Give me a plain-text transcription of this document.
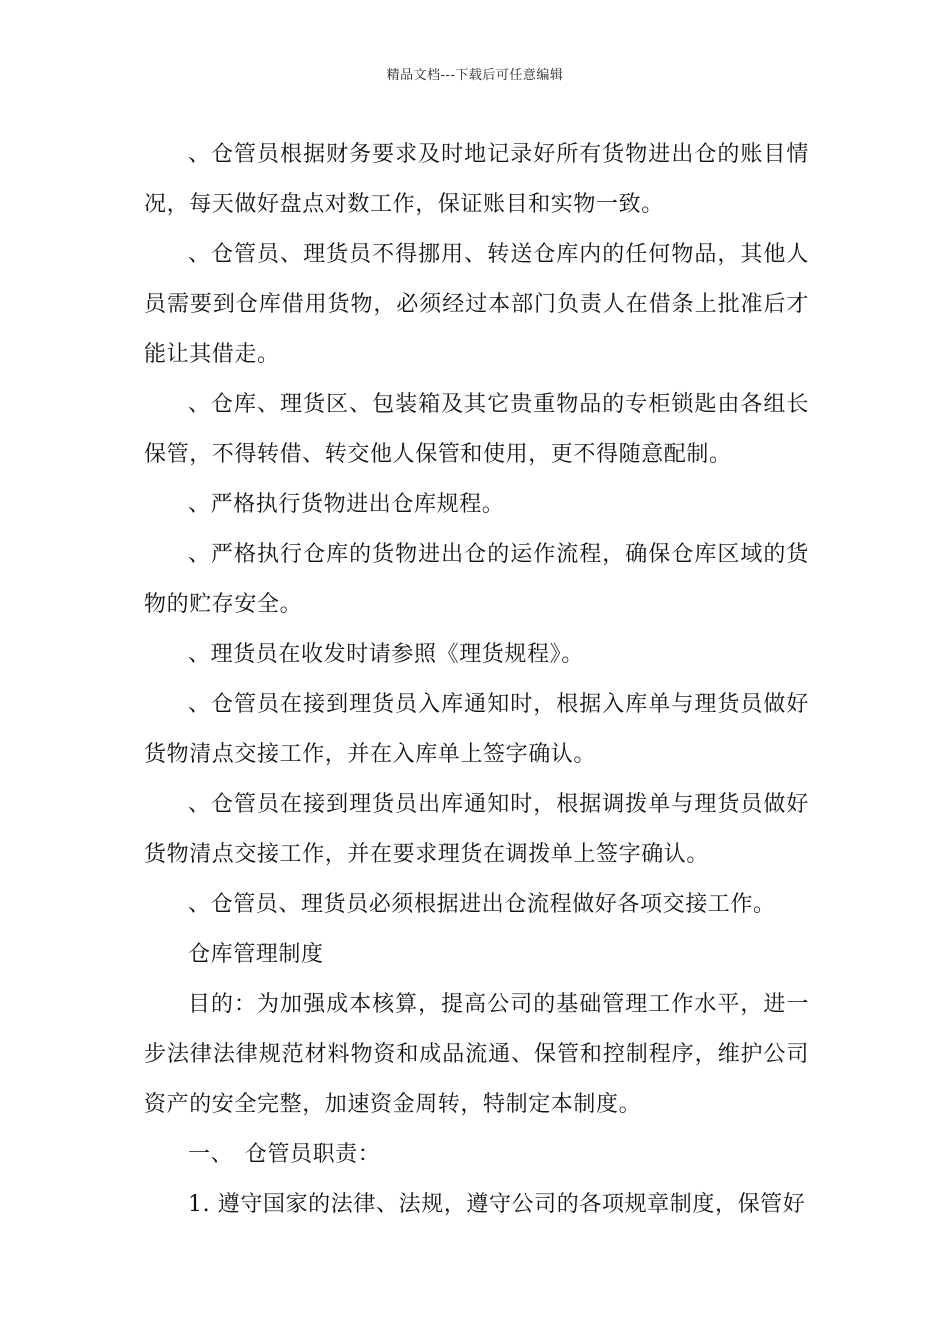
精品文档---下载后可任意编辑

、仓管员根据财务要求及时地记录好所有货物进出仓的账目情况，每天做好盘点对数工作，保证账目和实物一致。

、仓管员、理货员不得挪用、转送仓库内的任何物品，其他人员需要到仓库借用货物，必须经过本部门负责人在借条上批准后才能让其借走。

、仓库、理货区、包装箱及其它贵重物品的专柜锁匙由各组长保管，不得转借、转交他人保管和使用，更不得随意配制。

、严格执行货物进出仓库规程。

、严格执行仓库的货物进出仓的运作流程，确保仓库区域的货物的贮存安全。

、理货员在收发时请参照《理货规程》。

、仓管员在接到理货员入库通知时，根据入库单与理货员做好货物清点交接工作，并在入库单上签字确认。

、仓管员在接到理货员出库通知时，根据调拨单与理货员做好货物清点交接工作，并在要求理货在调拨单上签字确认。

、仓管员、理货员必须根据进出仓流程做好各项交接工作。

仓库管理制度

目的：为加强成本核算，提高公司的基础管理工作水平，进一步法律法律规范材料物资和成品流通、保管和控制程序，维护公司资产的安全完整，加速资金周转，特制定本制度。

一、　仓管员职责：

1. 遵守国家的法律、法规，遵守公司的各项规章制度，保管好
